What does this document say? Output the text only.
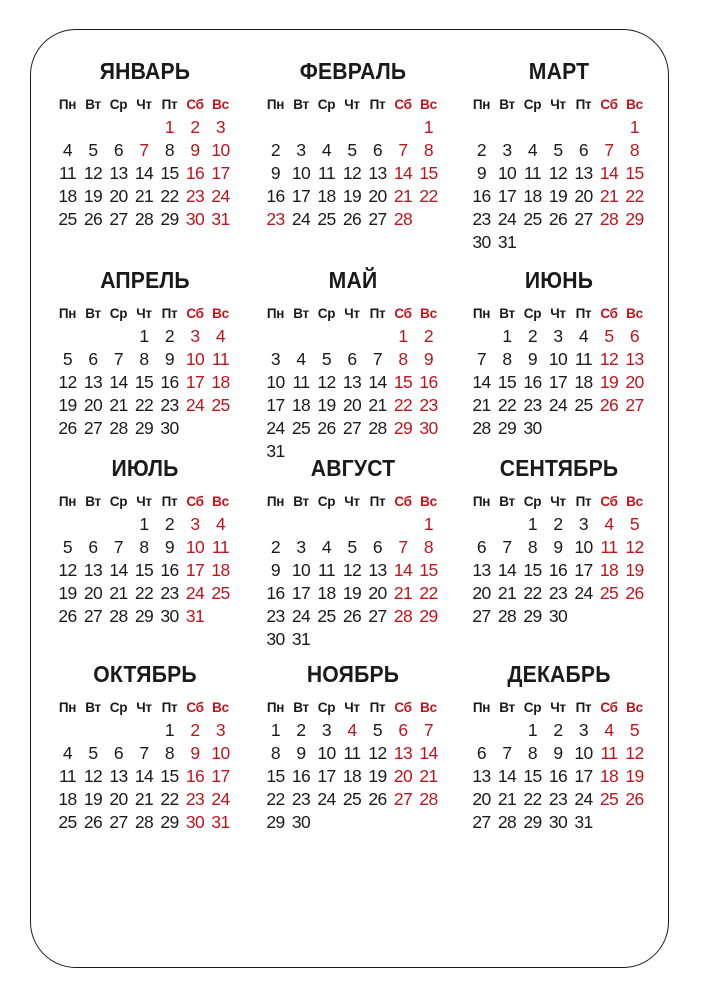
ЯНВАРЬ
Пн Вт Ср Чт Пт Сб Вс
1 2 3
4 5 6 7 8 9 10
11 12 13 14 15 16 17
18 19 20 21 22 23 24
25 26 27 28 29 30 31
ФЕВРАЛЬ
Пн Вт Ср Чт Пт Сб Вс
1
2 3 4 5 6 7 8
9 10 11 12 13 14 15
16 17 18 19 20 21 22
23 24 25 26 27 28
МАРТ
Пн Вт Ср Чт Пт Сб Вс
1
2 3 4 5 6 7 8
9 10 11 12 13 14 15
16 17 18 19 20 21 22
23 24 25 26 27 28 29
30 31
АПРЕЛЬ
Пн Вт Ср Чт Пт Сб Вс
1 2 3 4
5 6 7 8 9 10 11
12 13 14 15 16 17 18
19 20 21 22 23 24 25
26 27 28 29 30
МАЙ
Пн Вт Ср Чт Пт Сб Вс
1 2
3 4 5 6 7 8 9
10 11 12 13 14 15 16
17 18 19 20 21 22 23
24 25 26 27 28 29 30
31
ИЮНЬ
Пн Вт Ср Чт Пт Сб Вс
1 2 3 4 5 6
7 8 9 10 11 12 13
14 15 16 17 18 19 20
21 22 23 24 25 26 27
28 29 30
ИЮЛЬ
Пн Вт Ср Чт Пт Сб Вс
1 2 3 4
5 6 7 8 9 10 11
12 13 14 15 16 17 18
19 20 21 22 23 24 25
26 27 28 29 30 31
АВГУСТ
Пн Вт Ср Чт Пт Сб Вс
1
2 3 4 5 6 7 8
9 10 11 12 13 14 15
16 17 18 19 20 21 22
23 24 25 26 27 28 29
30 31
СЕНТЯБРЬ
Пн Вт Ср Чт Пт Сб Вс
1 2 3 4 5
6 7 8 9 10 11 12
13 14 15 16 17 18 19
20 21 22 23 24 25 26
27 28 29 30
ОКТЯБРЬ
Пн Вт Ср Чт Пт Сб Вс
1 2 3
4 5 6 7 8 9 10
11 12 13 14 15 16 17
18 19 20 21 22 23 24
25 26 27 28 29 30 31
НОЯБРЬ
Пн Вт Ср Чт Пт Сб Вс
1 2 3 4 5 6 7
8 9 10 11 12 13 14
15 16 17 18 19 20 21
22 23 24 25 26 27 28
29 30
ДЕКАБРЬ
Пн Вт Ср Чт Пт Сб Вс
1 2 3 4 5
6 7 8 9 10 11 12
13 14 15 16 17 18 19
20 21 22 23 24 25 26
27 28 29 30 31
